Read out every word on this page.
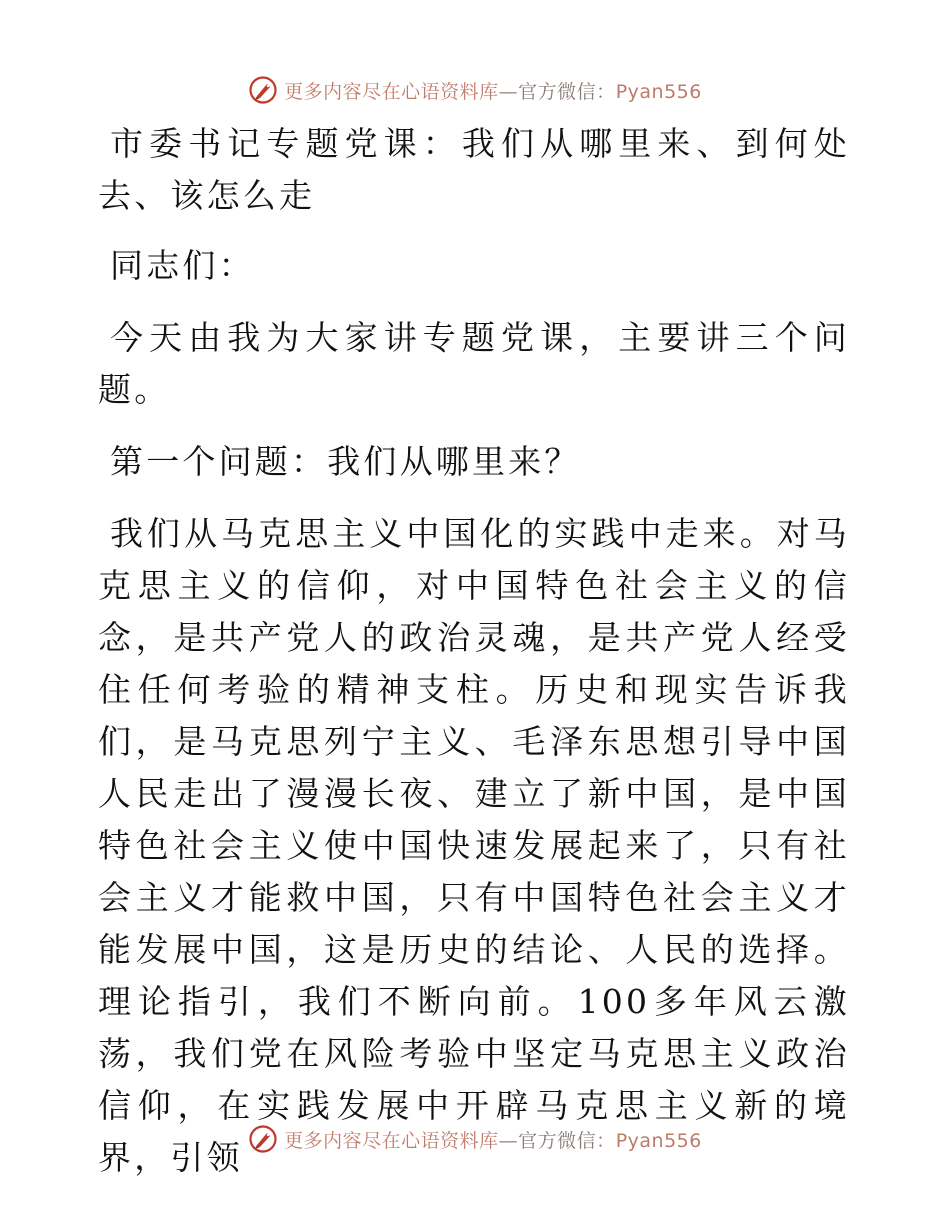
更多内容尽在心语资料库—官方微信：Pyan556

市委书记专题党课：我们从哪里来、到何处去、该怎么走

同志们：

今天由我为大家讲专题党课，主要讲三个问题。

第一个问题：我们从哪里来？

我们从马克思主义中国化的实践中走来。对马克思主义的信仰，对中国特色社会主义的信念，是共产党人的政治灵魂，是共产党人经受住任何考验的精神支柱。历史和现实告诉我们，是马克思列宁主义、毛泽东思想引导中国人民走出了漫漫长夜、建立了新中国，是中国特色社会主义使中国快速发展起来了，只有社会主义才能救中国，只有中国特色社会主义才能发展中国，这是历史的结论、人民的选择。理论指引，我们不断向前。100多年风云激荡，我们党在风险考验中坚定马克思主义政治信仰，在实践发展中开辟马克思主义新的境界，引领	更多内容尽在心语资料库—官方微信：Pyan556
